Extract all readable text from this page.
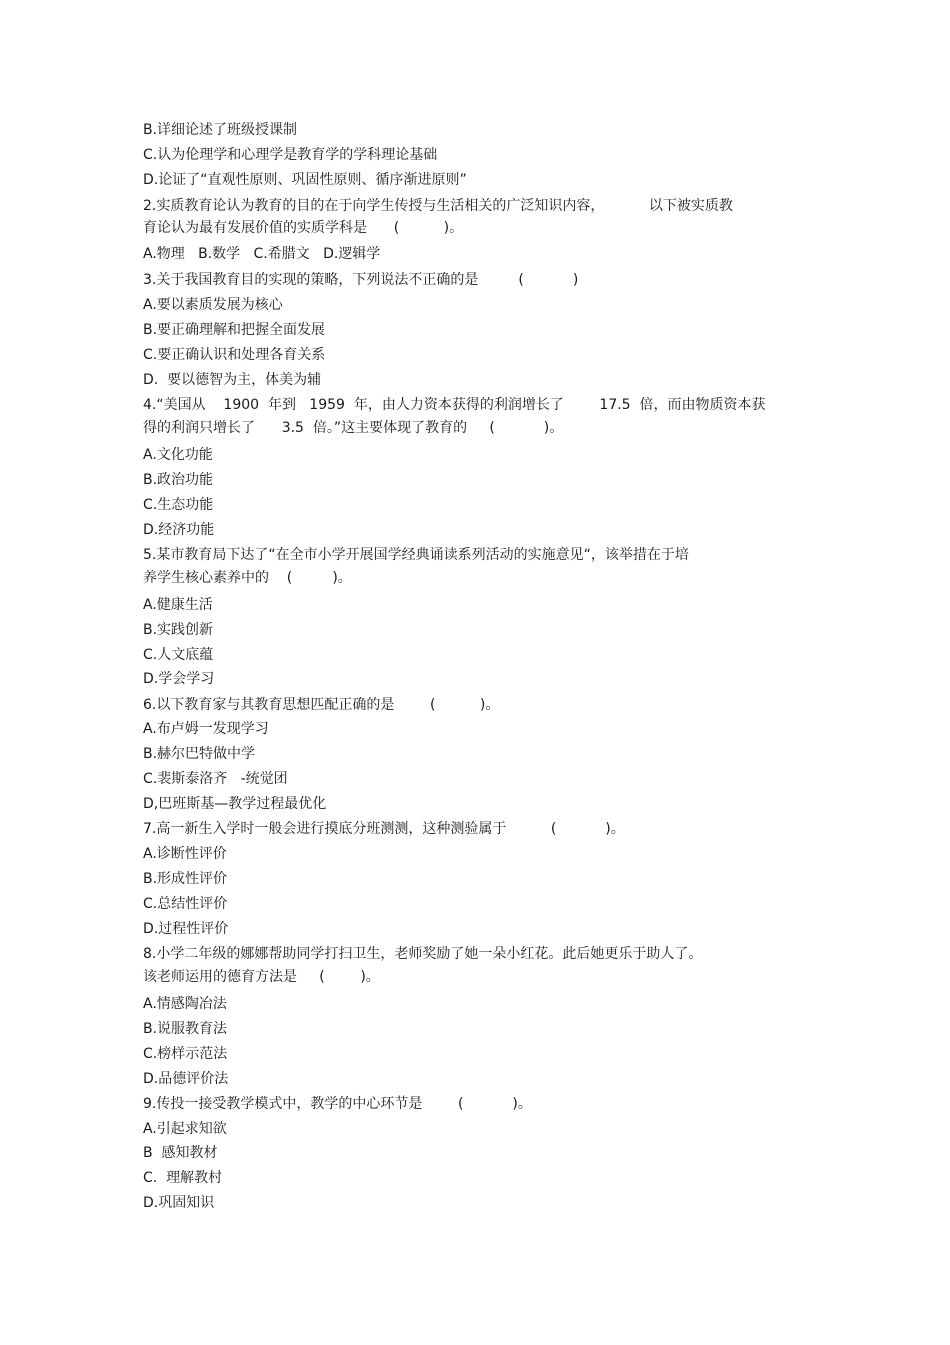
B.详细论述了班级授课制
C.认为伦理学和心理学是教育学的学科理论基础
D.论证了“直观性原则、巩固性原则、循序渐进原则”
2.实质教育论认为教育的目的在于向学生传授与生活相关的广泛知识内容，          以下被实质教
育论认为最有发展价值的实质学科是      (          )。
A.物理   B.数学   C.希腊文   D.逻辑学
3.关于我国教育目的实现的策略，下列说法不正确的是         (           )
A.要以素质发展为核心
B.要正确理解和把握全面发展
C.要正确认识和处理各育关系
D.  要以德智为主，体美为辅
4.“美国从    1900  年到   1959  年，由人力资本获得的利润增长了        17.5  倍，而由物质资本获
得的利润只增长了      3.5  倍。”这主要体现了教育的     (           )。
A.文化功能
B.政治功能
C.生态功能
D.经济功能
5.某市教育局下达了“在全市小学开展国学经典诵读系列活动的实施意见“，该举措在于培
养学生核心素养中的    (         )。
A.健康生活
B.实践创新
C.人文底蕴
D.学会学习
6.以下教育家与其教育思想匹配正确的是        (          )。
A.布卢姆一发现学习
B.赫尔巴特做中学
C.裴斯泰洛齐   -统觉团
D,巴班斯基—教学过程最优化
7.高一新生入学时一般会进行摸底分班测测，这种测验属于          (           )。
A.诊断性评价
B.形成性评价
C.总结性评价
D.过程性评价
8.小学二年级的娜娜帮助同学打扫卫生，老师奖励了她一朵小红花。此后她更乐于助人了。
该老师运用的德育方法是     (        )。
A.情感陶冶法
B.说服教育法
C.榜样示范法
D.品德评价法
9.传投一接受教学模式中，教学的中心环节是        (           )。
A.引起求知欲
B  感知教材
C.  理解教村
D.巩固知识
